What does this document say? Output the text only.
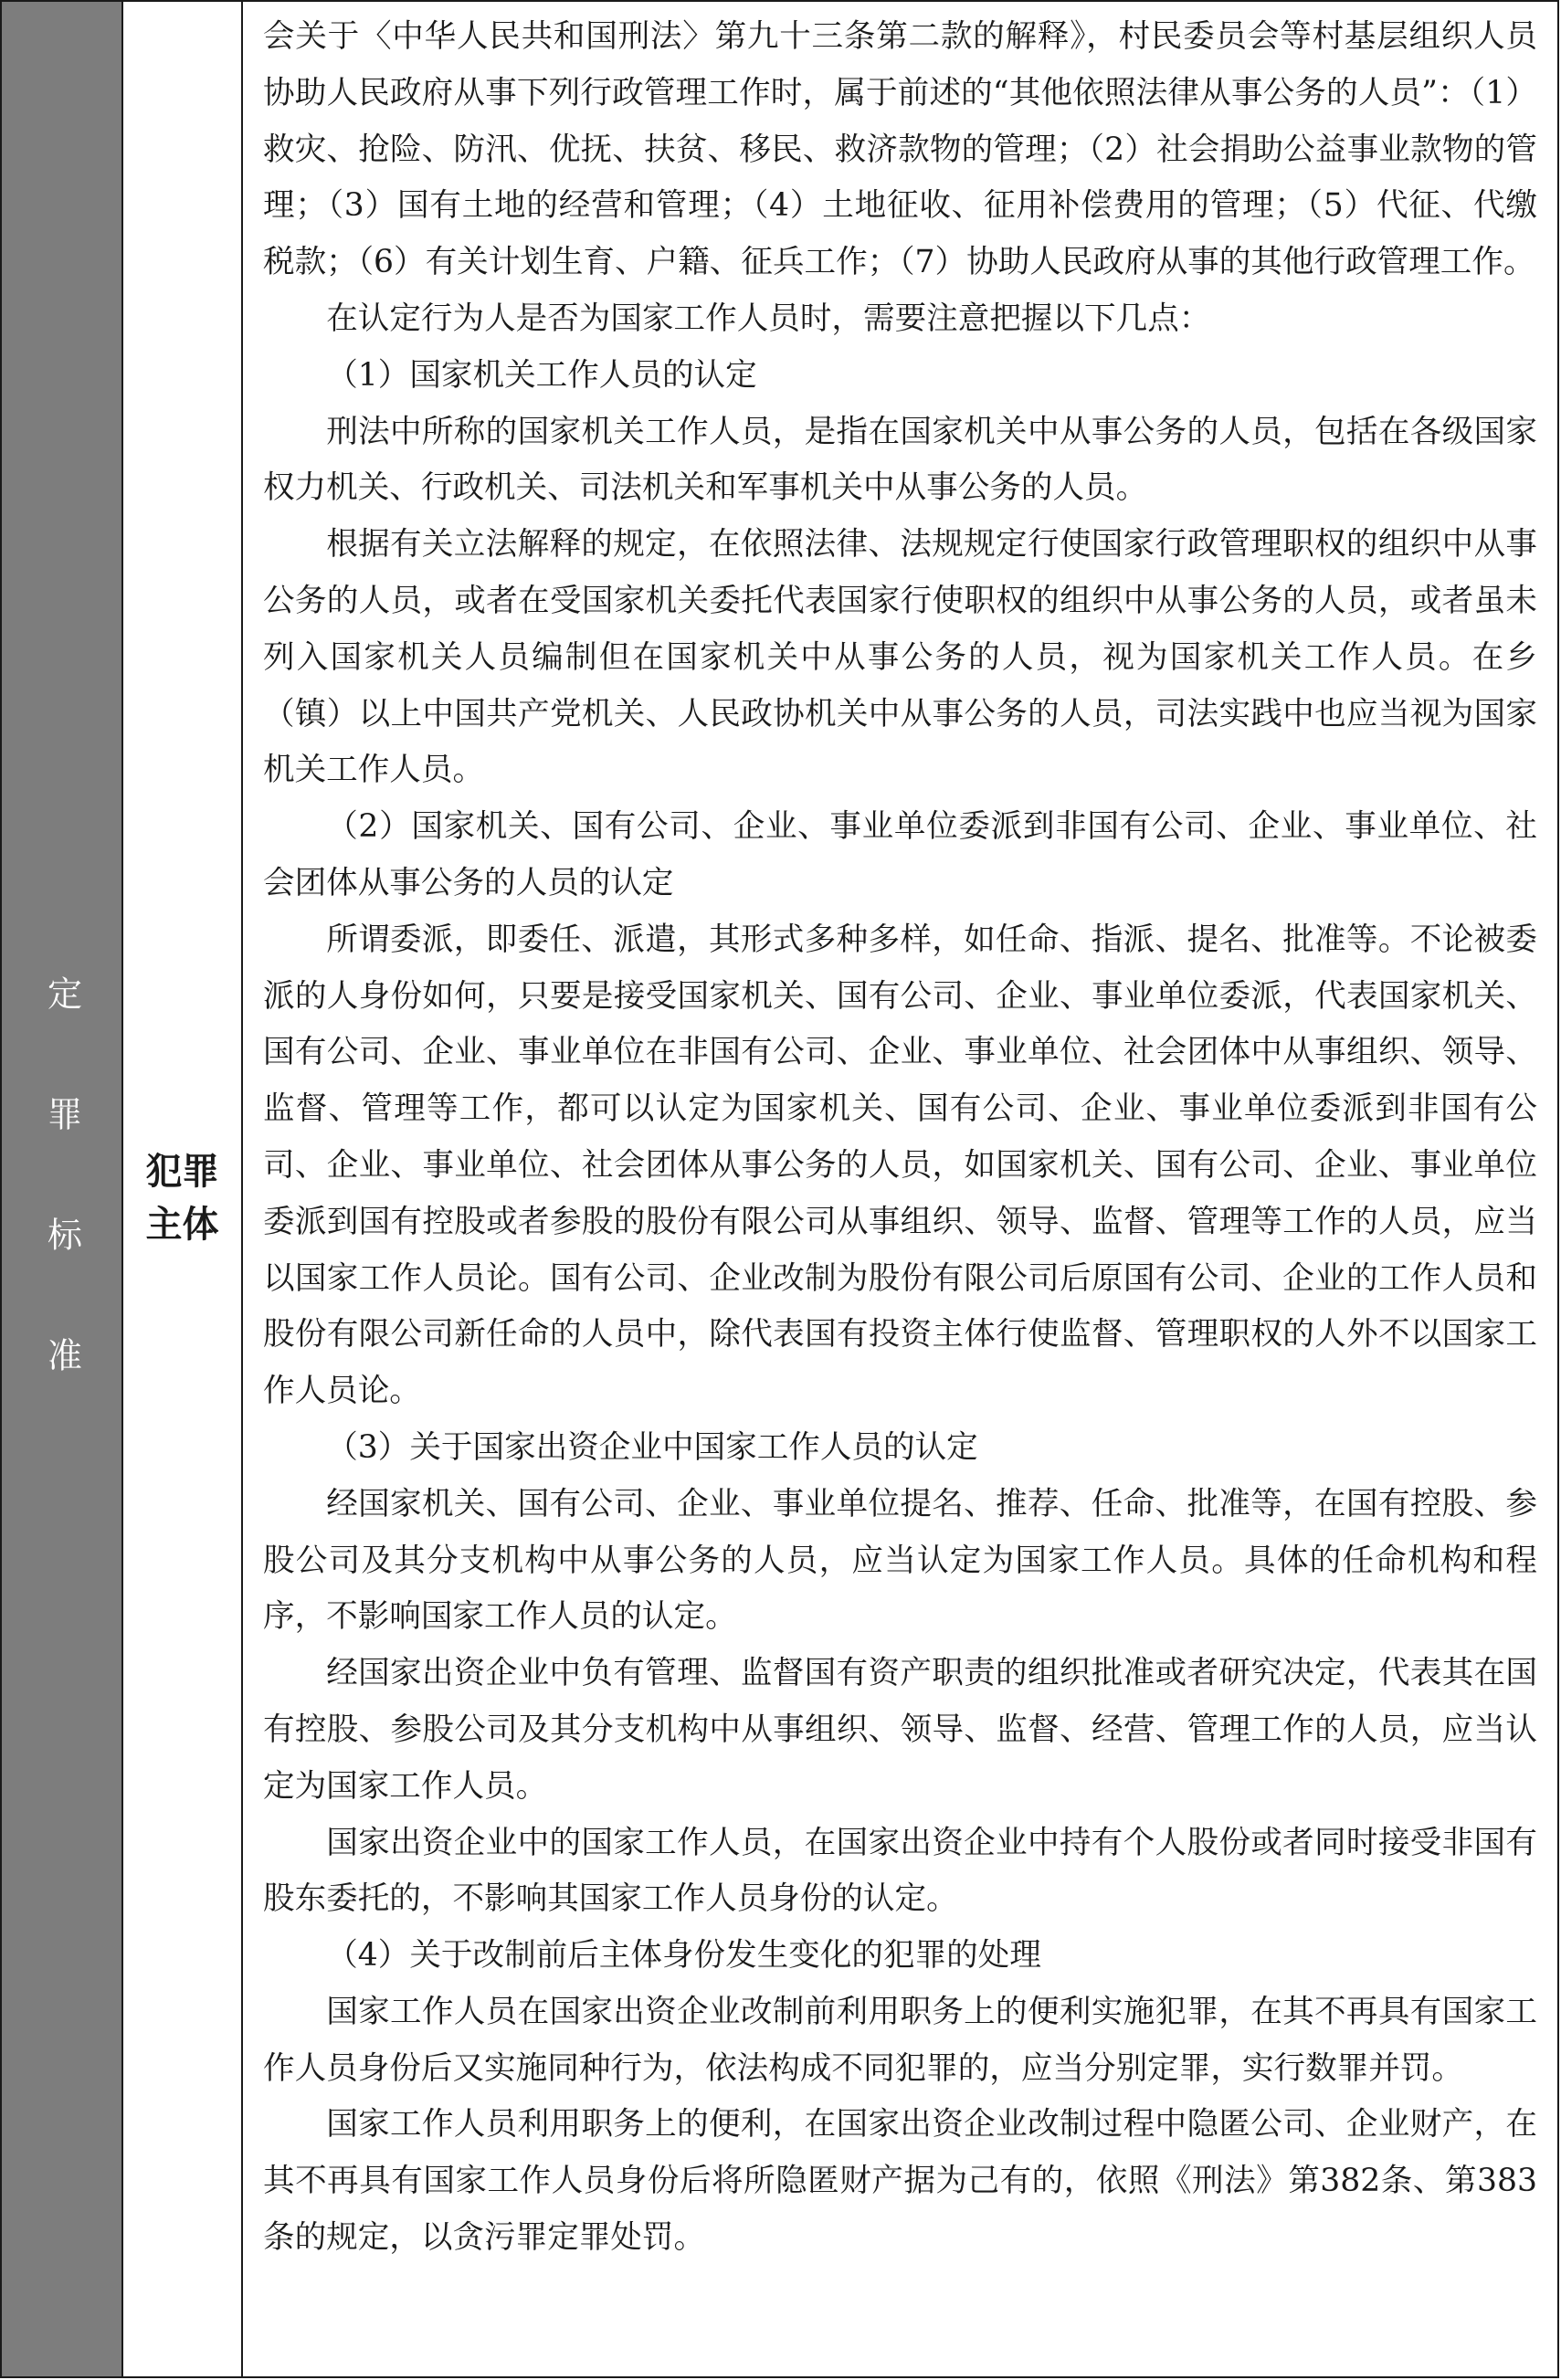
定罪标准	犯罪主体

会关于〈中华人民共和国刑法〉第九十三条第二款的解释》，村民委员会等村基层组织人员协助人民政府从事下列行政管理工作时，属于前述的“其他依照法律从事公务的人员”：（1）救灾、抢险、防汛、优抚、扶贫、移民、救济款物的管理；（2）社会捐助公益事业款物的管理；（3）国有土地的经营和管理；（4）土地征收、征用补偿费用的管理；（5）代征、代缴税款；（6）有关计划生育、户籍、征兵工作；（7）协助人民政府从事的其他行政管理工作。

在认定行为人是否为国家工作人员时，需要注意把握以下几点：

（1）国家机关工作人员的认定

刑法中所称的国家机关工作人员，是指在国家机关中从事公务的人员，包括在各级国家权力机关、行政机关、司法机关和军事机关中从事公务的人员。

根据有关立法解释的规定，在依照法律、法规规定行使国家行政管理职权的组织中从事公务的人员，或者在受国家机关委托代表国家行使职权的组织中从事公务的人员，或者虽未列入国家机关人员编制但在国家机关中从事公务的人员，视为国家机关工作人员。在乡（镇）以上中国共产党机关、人民政协机关中从事公务的人员，司法实践中也应当视为国家机关工作人员。

（2）国家机关、国有公司、企业、事业单位委派到非国有公司、企业、事业单位、社会团体从事公务的人员的认定

所谓委派，即委任、派遣，其形式多种多样，如任命、指派、提名、批准等。不论被委派的人身份如何，只要是接受国家机关、国有公司、企业、事业单位委派，代表国家机关、国有公司、企业、事业单位在非国有公司、企业、事业单位、社会团体中从事组织、领导、监督、管理等工作，都可以认定为国家机关、国有公司、企业、事业单位委派到非国有公司、企业、事业单位、社会团体从事公务的人员，如国家机关、国有公司、企业、事业单位委派到国有控股或者参股的股份有限公司从事组织、领导、监督、管理等工作的人员，应当以国家工作人员论。国有公司、企业改制为股份有限公司后原国有公司、企业的工作人员和股份有限公司新任命的人员中，除代表国有投资主体行使监督、管理职权的人外不以国家工作人员论。

（3）关于国家出资企业中国家工作人员的认定

经国家机关、国有公司、企业、事业单位提名、推荐、任命、批准等，在国有控股、参股公司及其分支机构中从事公务的人员，应当认定为国家工作人员。具体的任命机构和程序，不影响国家工作人员的认定。

经国家出资企业中负有管理、监督国有资产职责的组织批准或者研究决定，代表其在国有控股、参股公司及其分支机构中从事组织、领导、监督、经营、管理工作的人员，应当认定为国家工作人员。

国家出资企业中的国家工作人员，在国家出资企业中持有个人股份或者同时接受非国有股东委托的，不影响其国家工作人员身份的认定。

（4）关于改制前后主体身份发生变化的犯罪的处理

国家工作人员在国家出资企业改制前利用职务上的便利实施犯罪，在其不再具有国家工作人员身份后又实施同种行为，依法构成不同犯罪的，应当分别定罪，实行数罪并罚。

国家工作人员利用职务上的便利，在国家出资企业改制过程中隐匿公司、企业财产，在其不再具有国家工作人员身份后将所隐匿财产据为己有的，依照《刑法》第382条、第383条的规定，以贪污罪定罪处罚。
